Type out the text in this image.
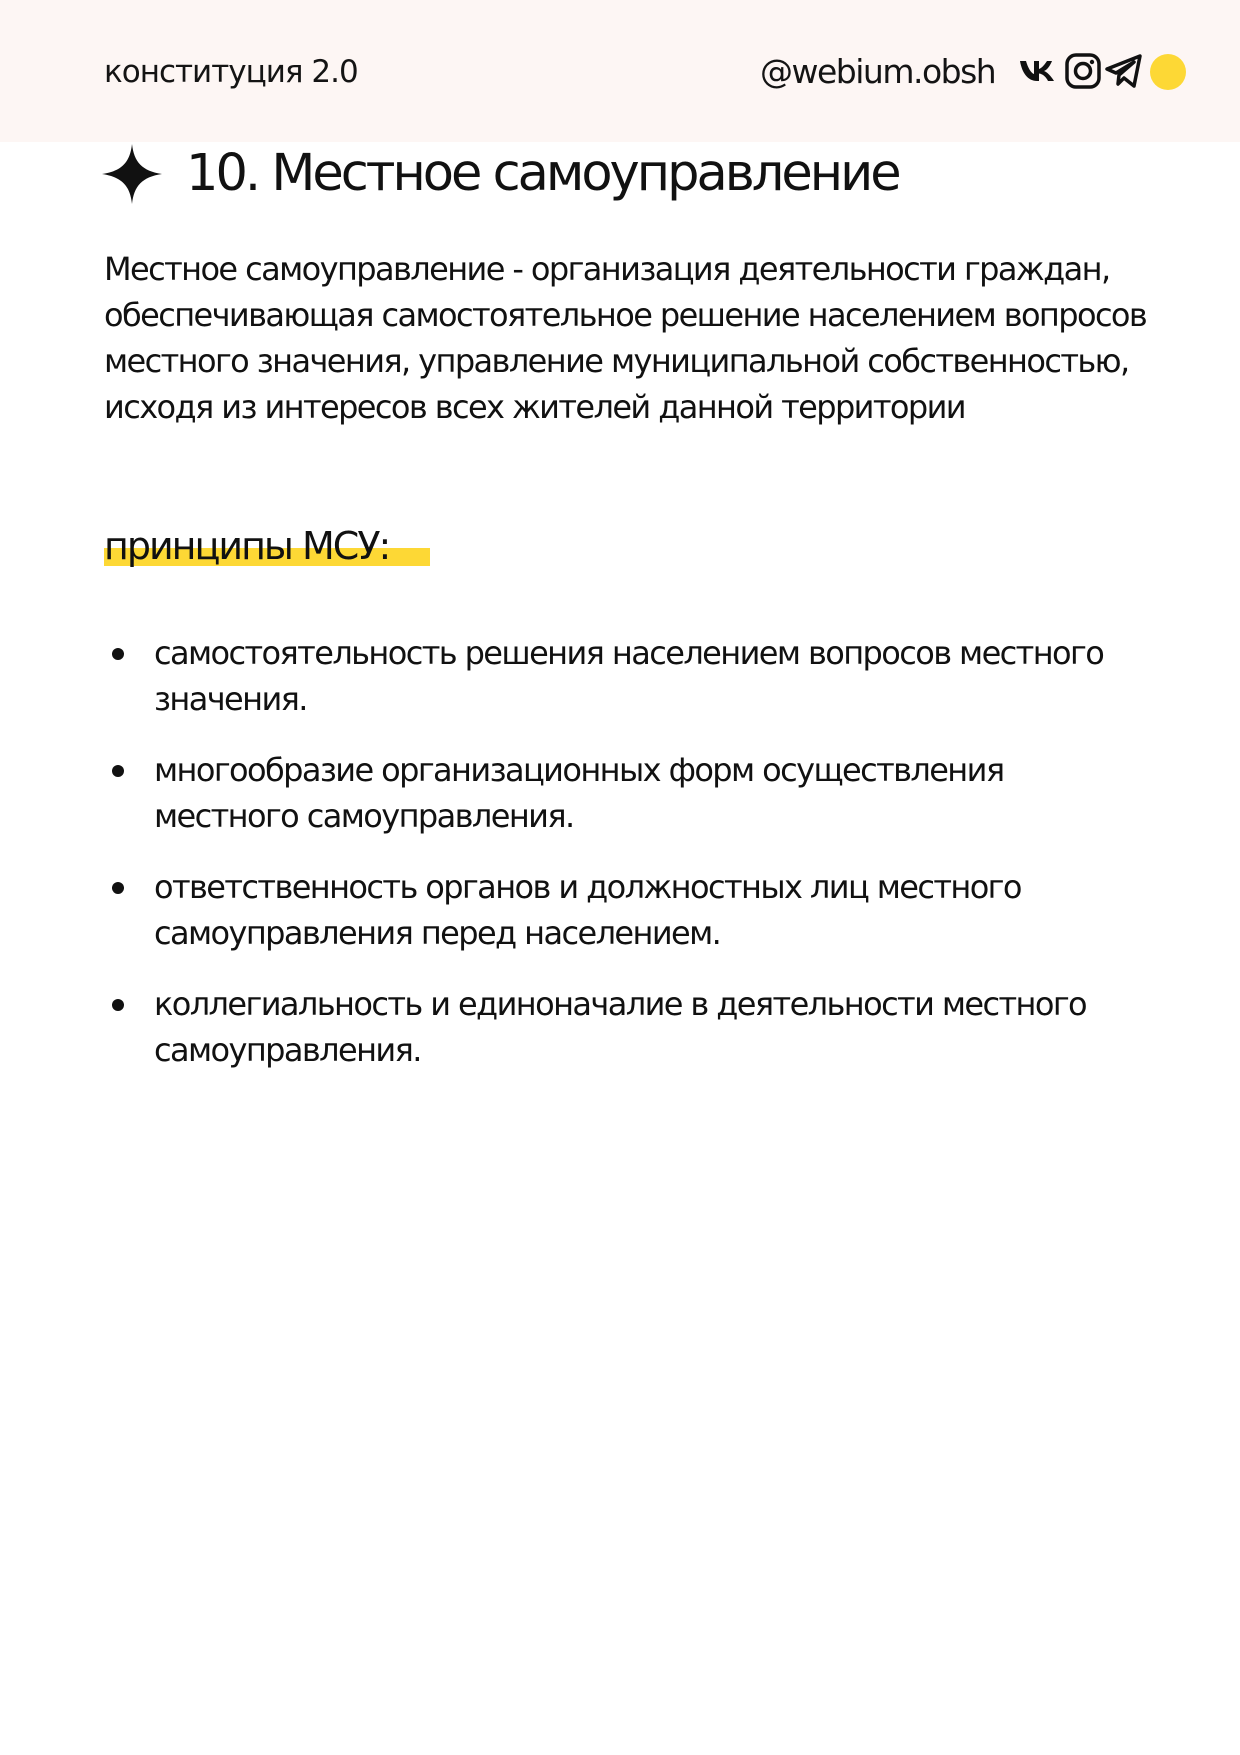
конституция 2.0	@webium.obsh
10. Местное самоуправление
Местное самоуправление - организация деятельности граждан, обеспечивающая самостоятельное решение населением вопросов местного значения, управление муниципальной собственностью, исходя из интересов всех жителей данной территории
принципы МСУ:
самостоятельность решения населением вопросов местного значения.
многообразие организационных форм осуществления местного самоуправления.
ответственность органов и должностных лиц местного самоуправления перед населением.
коллегиальность и единоначалие в деятельности местного самоуправления.
